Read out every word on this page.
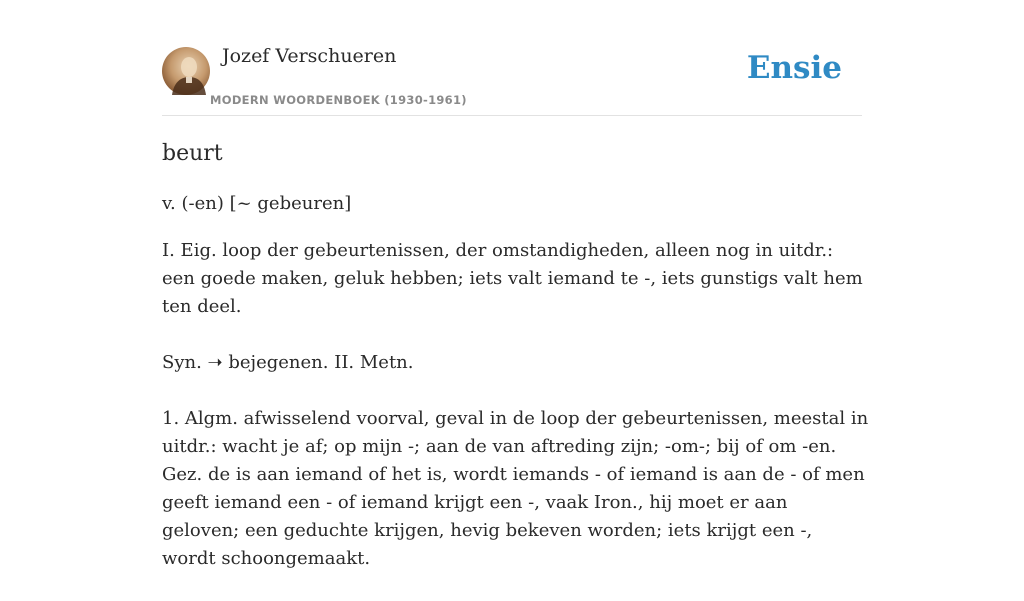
Jozef Verschueren
MODERN WOORDENBOEK (1930-1961)
Ensie
beurt
v. (-en) [~ gebeuren]

I. Eig. loop der gebeurtenissen, der omstandigheden, alleen nog in uitdr.: een goede maken, geluk hebben; iets valt iemand te -, iets gunstigs valt hem ten deel.

Syn. ➝ bejegenen. II. Metn.

1. Algm. afwisselend voorval, geval in de loop der gebeurtenissen, meestal in uitdr.: wacht je af; op mijn -; aan de van aftreding zijn; -om-; bij of om -en. Gez. de is aan iemand of het is, wordt iemands - of iemand is aan de - of men geeft iemand een - of iemand krijgt een -, vaak Iron., hij moet er aan geloven; een geduchte krijgen, hevig bekeven worden; iets krijgt een -, wordt schoongemaakt.
